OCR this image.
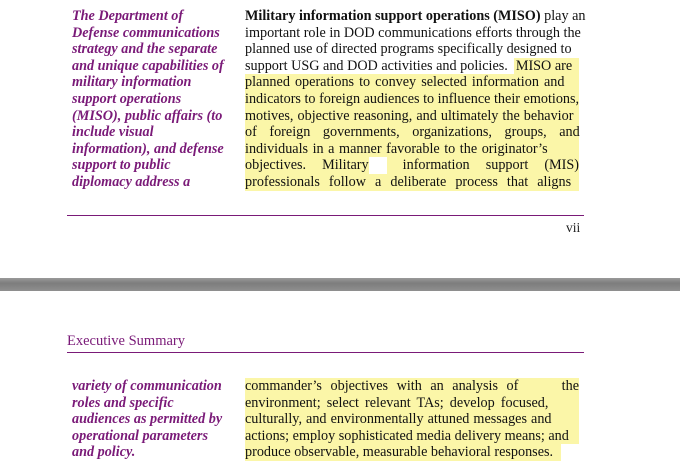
The Department of
Defense communications
strategy and the separate
and unique capabilities of
military information
support operations
(MISO), public affairs (to
include visual
information), and defense
support to public
diplomacy address a
Military information support operations (MISO) play an
important role in DOD communications efforts through the
planned use of directed programs specifically designed to
support USG and DOD activities and policies. MISO are
planned operations to convey selected information and
indicators to foreign audiences to influence their emotions,
motives, objective reasoning, and ultimately the behavior
of foreign governments, organizations, groups, and
individuals in a manner favorable to the originator’s
objectives. Military information support (MIS)
professionals follow a deliberate process that aligns
vii
Executive Summary
variety of communication
roles and specific
audiences as permitted by
operational parameters
and policy.
commander’s objectives with an analysis of	the
environment; select relevant TAs; develop focused,
culturally, and environmentally attuned messages and
actions; employ sophisticated media delivery means; and
produce observable, measurable behavioral responses.
